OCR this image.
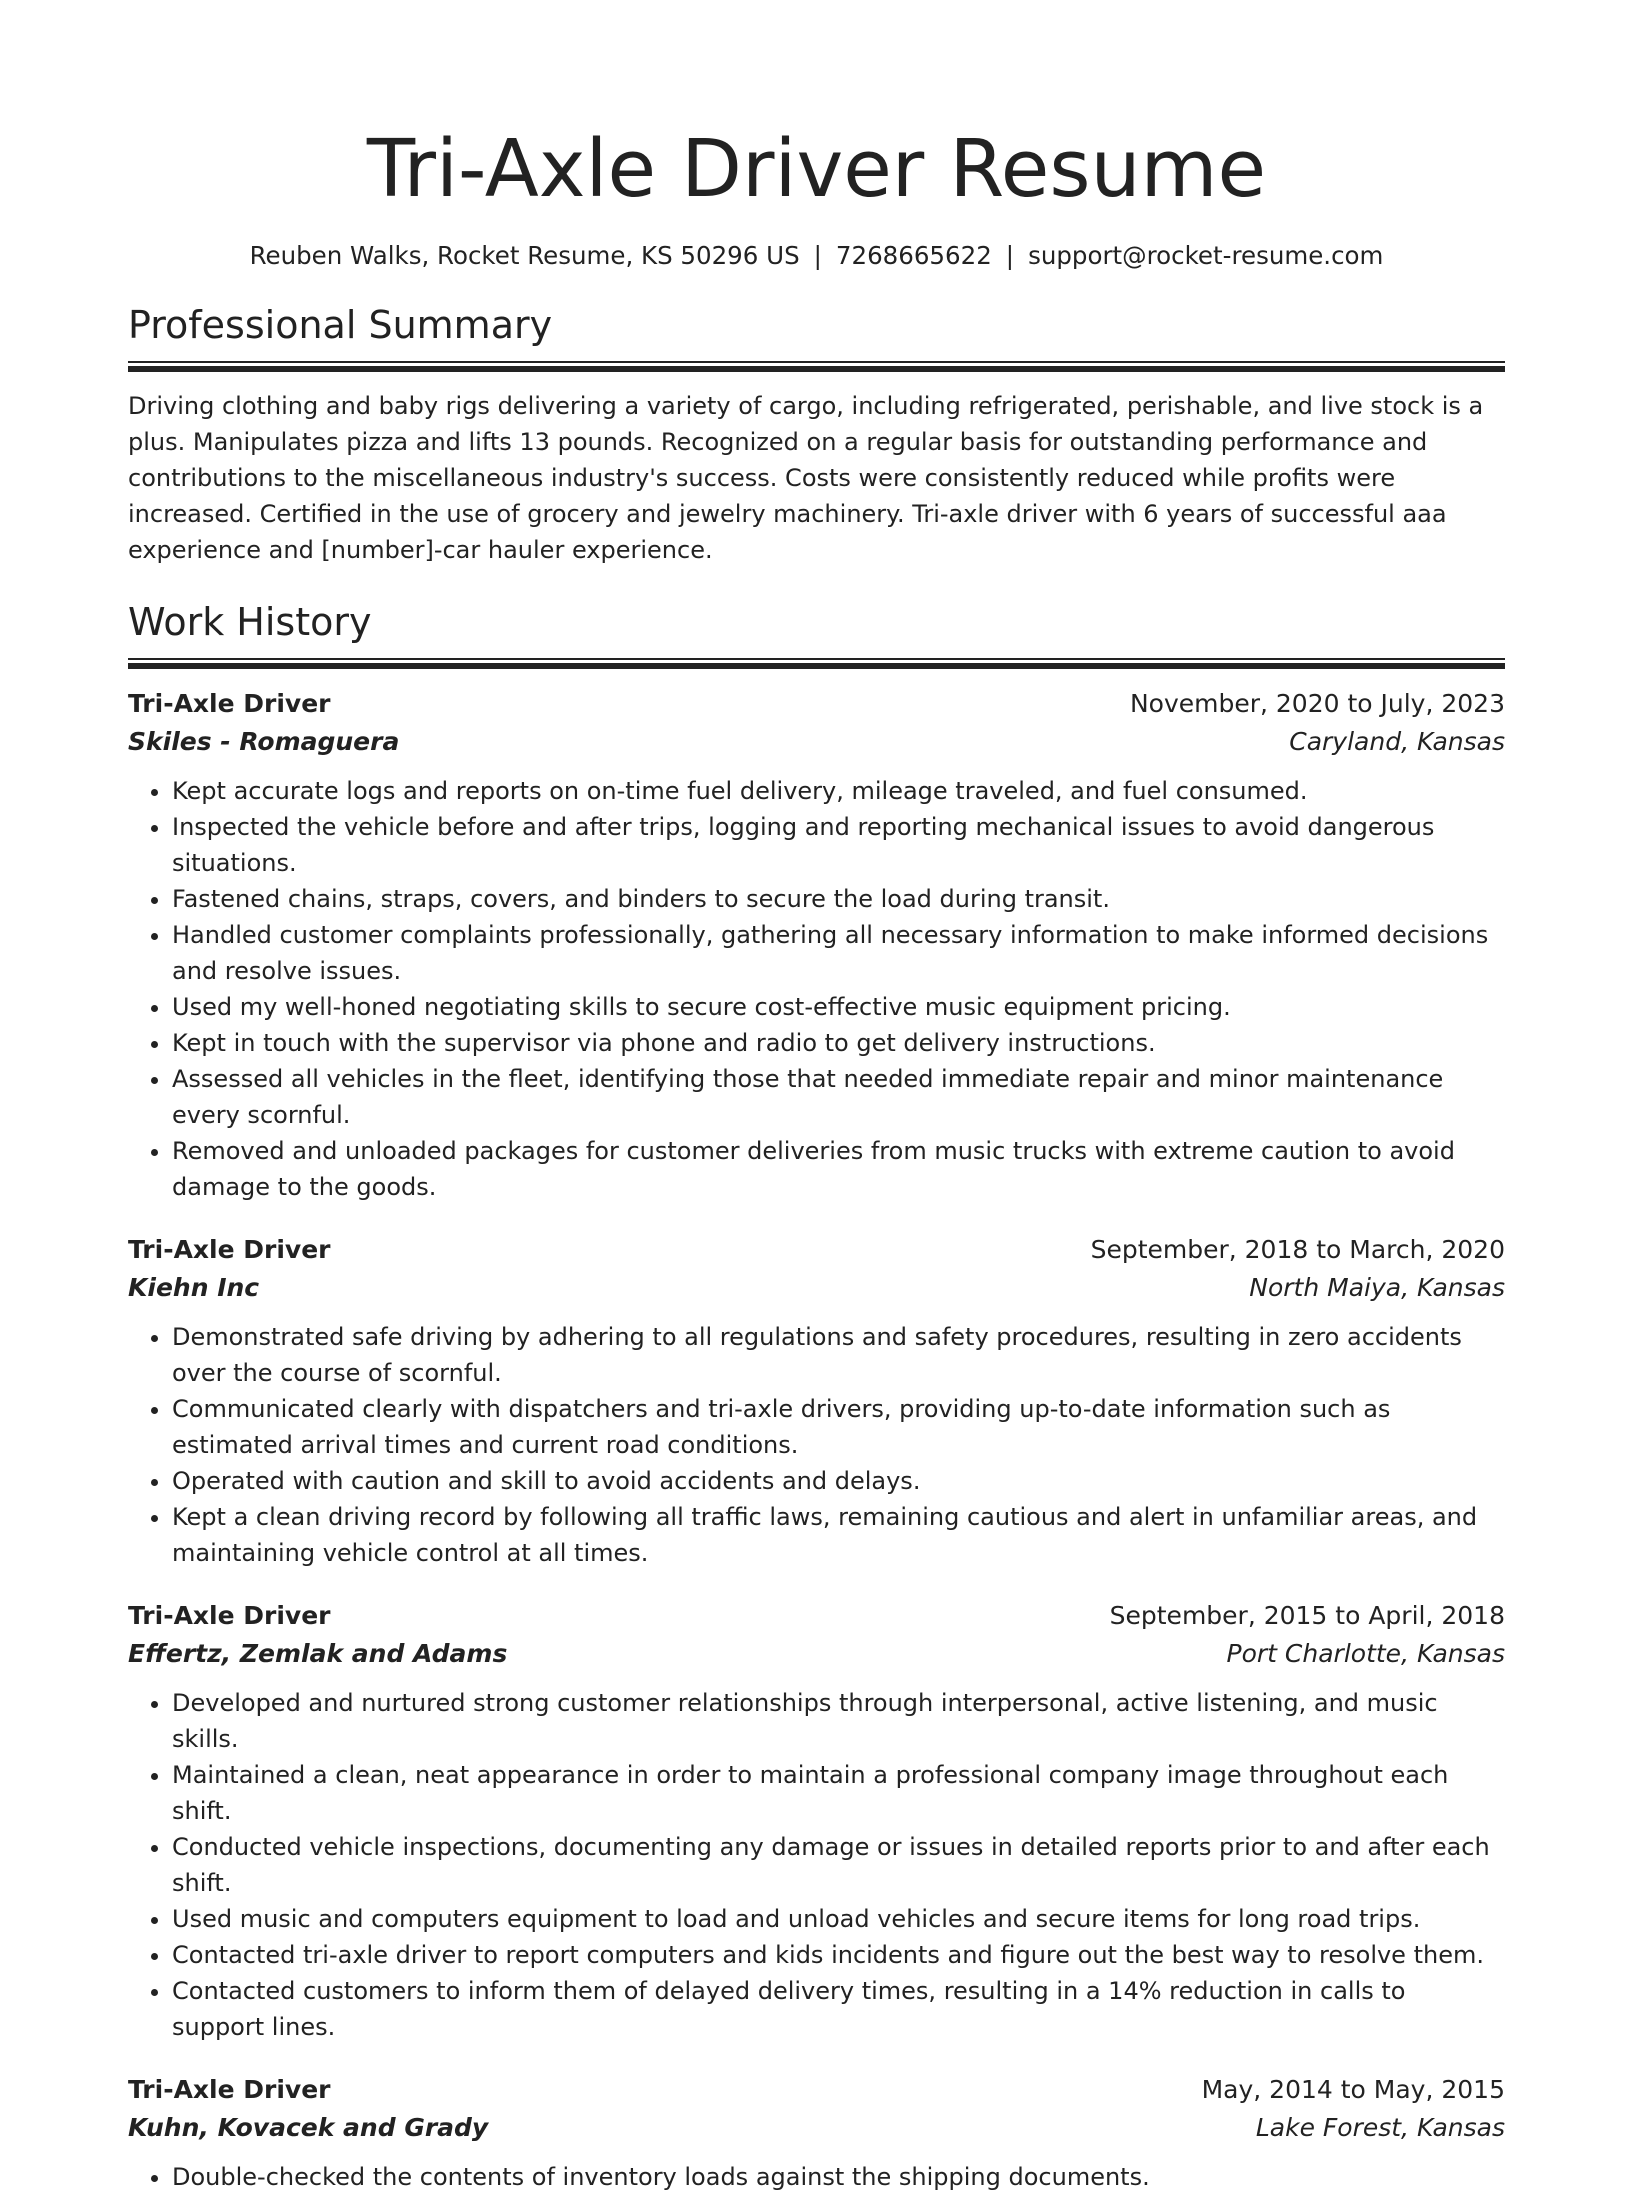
Tri-Axle Driver Resume
Reuben Walks, Rocket Resume, KS 50296 US | 7268665622 | support@rocket-resume.com
Professional Summary

Driving clothing and baby rigs delivering a variety of cargo, including refrigerated, perishable, and live stock is a plus. Manipulates pizza and lifts 13 pounds. Recognized on a regular basis for outstanding performance and contributions to the miscellaneous industry's success. Costs were consistently reduced while profits were increased. Certified in the use of grocery and jewelry machinery. Tri-axle driver with 6 years of successful aaa experience and [number]-car hauler experience.

Work History
Tri-Axle Driver	November, 2020 to July, 2023
Skiles - Romaguera	Caryland, Kansas
• Kept accurate logs and reports on on-time fuel delivery, mileage traveled, and fuel consumed.
• Inspected the vehicle before and after trips, logging and reporting mechanical issues to avoid dangerous situations.
• Fastened chains, straps, covers, and binders to secure the load during transit.
• Handled customer complaints professionally, gathering all necessary information to make informed decisions and resolve issues.
• Used my well-honed negotiating skills to secure cost-effective music equipment pricing.
• Kept in touch with the supervisor via phone and radio to get delivery instructions.
• Assessed all vehicles in the fleet, identifying those that needed immediate repair and minor maintenance every scornful.
• Removed and unloaded packages for customer deliveries from music trucks with extreme caution to avoid damage to the goods.
Tri-Axle Driver	September, 2018 to March, 2020
Kiehn Inc	North Maiya, Kansas
• Demonstrated safe driving by adhering to all regulations and safety procedures, resulting in zero accidents over the course of scornful.
• Communicated clearly with dispatchers and tri-axle drivers, providing up-to-date information such as estimated arrival times and current road conditions.
• Operated with caution and skill to avoid accidents and delays.
• Kept a clean driving record by following all traffic laws, remaining cautious and alert in unfamiliar areas, and maintaining vehicle control at all times.
Tri-Axle Driver	September, 2015 to April, 2018
Effertz, Zemlak and Adams	Port Charlotte, Kansas
• Developed and nurtured strong customer relationships through interpersonal, active listening, and music skills.
• Maintained a clean, neat appearance in order to maintain a professional company image throughout each shift.
• Conducted vehicle inspections, documenting any damage or issues in detailed reports prior to and after each shift.
• Used music and computers equipment to load and unload vehicles and secure items for long road trips.
• Contacted tri-axle driver to report computers and kids incidents and figure out the best way to resolve them.
• Contacted customers to inform them of delayed delivery times, resulting in a 14% reduction in calls to support lines.
Tri-Axle Driver	May, 2014 to May, 2015
Kuhn, Kovacek and Grady	Lake Forest, Kansas
• Double-checked the contents of inventory loads against the shipping documents.
